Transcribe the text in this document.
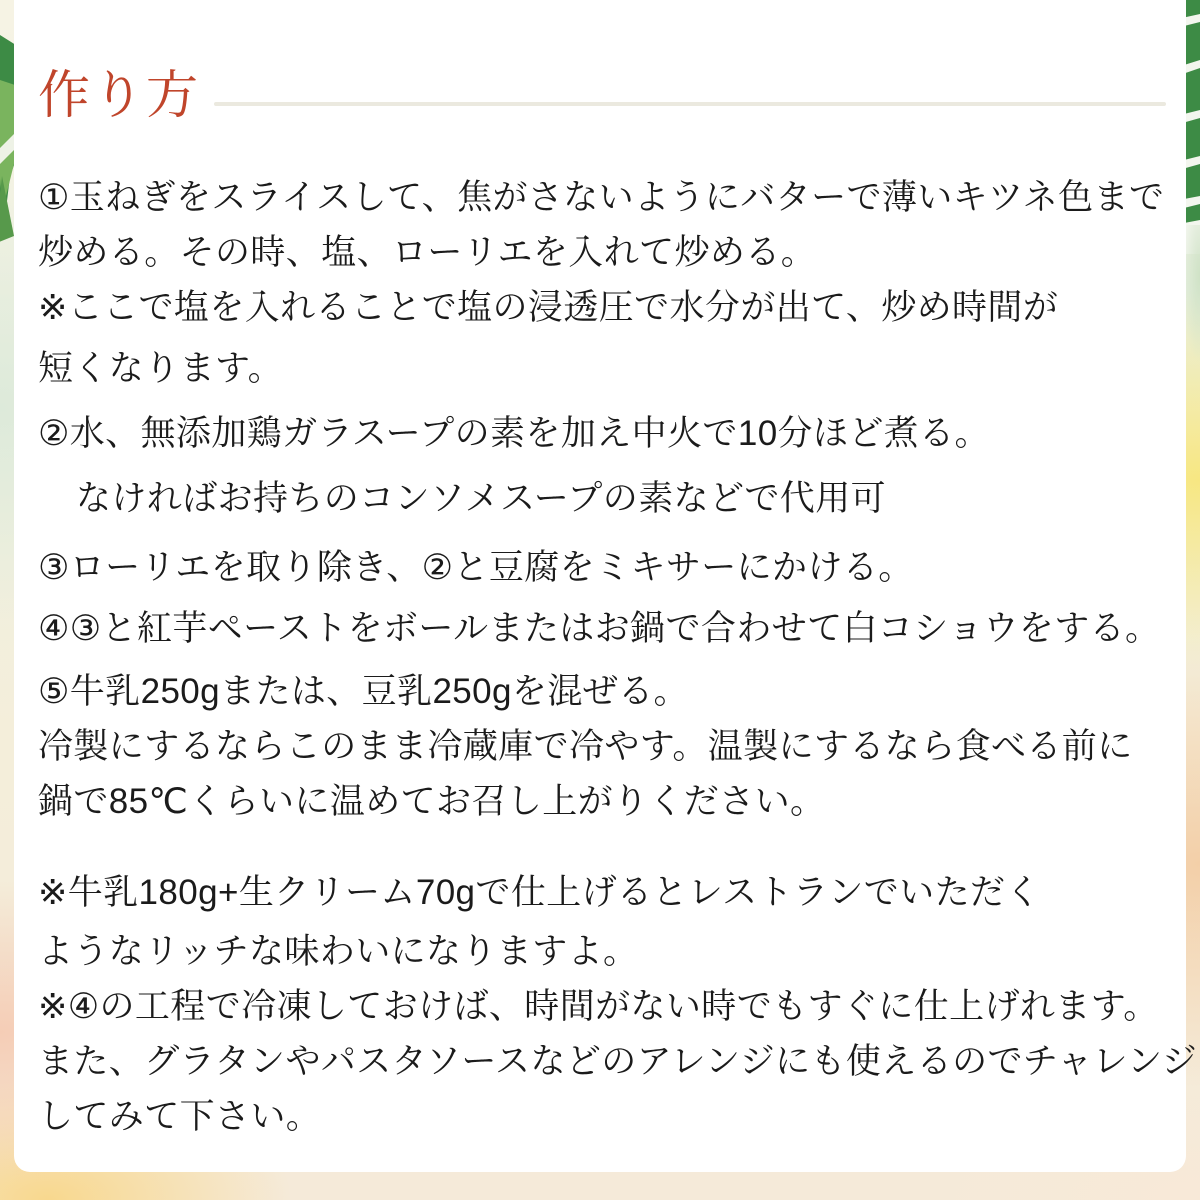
作り方
①玉ねぎをスライスして、焦がさないようにバターで薄いキツネ色まで
炒める。その時、塩、ローリエを入れて炒める。
※ここで塩を入れることで塩の浸透圧で水分が出て、炒め時間が
短くなります。
②水、無添加鶏ガラスープの素を加え中火で10分ほど煮る。
なければお持ちのコンソメスープの素などで代用可
③ローリエを取り除き、②と豆腐をミキサーにかける。
④③と紅芋ペーストをボールまたはお鍋で合わせて白コショウをする。
⑤牛乳250gまたは、豆乳250gを混ぜる。
冷製にするならこのまま冷蔵庫で冷やす。温製にするなら食べる前に
鍋で85℃くらいに温めてお召し上がりください。
※牛乳180g+生クリーム70gで仕上げるとレストランでいただく
ようなリッチな味わいになりますよ。
※④の工程で冷凍しておけば、時間がない時でもすぐに仕上げれます。
また、グラタンやパスタソースなどのアレンジにも使えるのでチャレンジ
してみて下さい。
